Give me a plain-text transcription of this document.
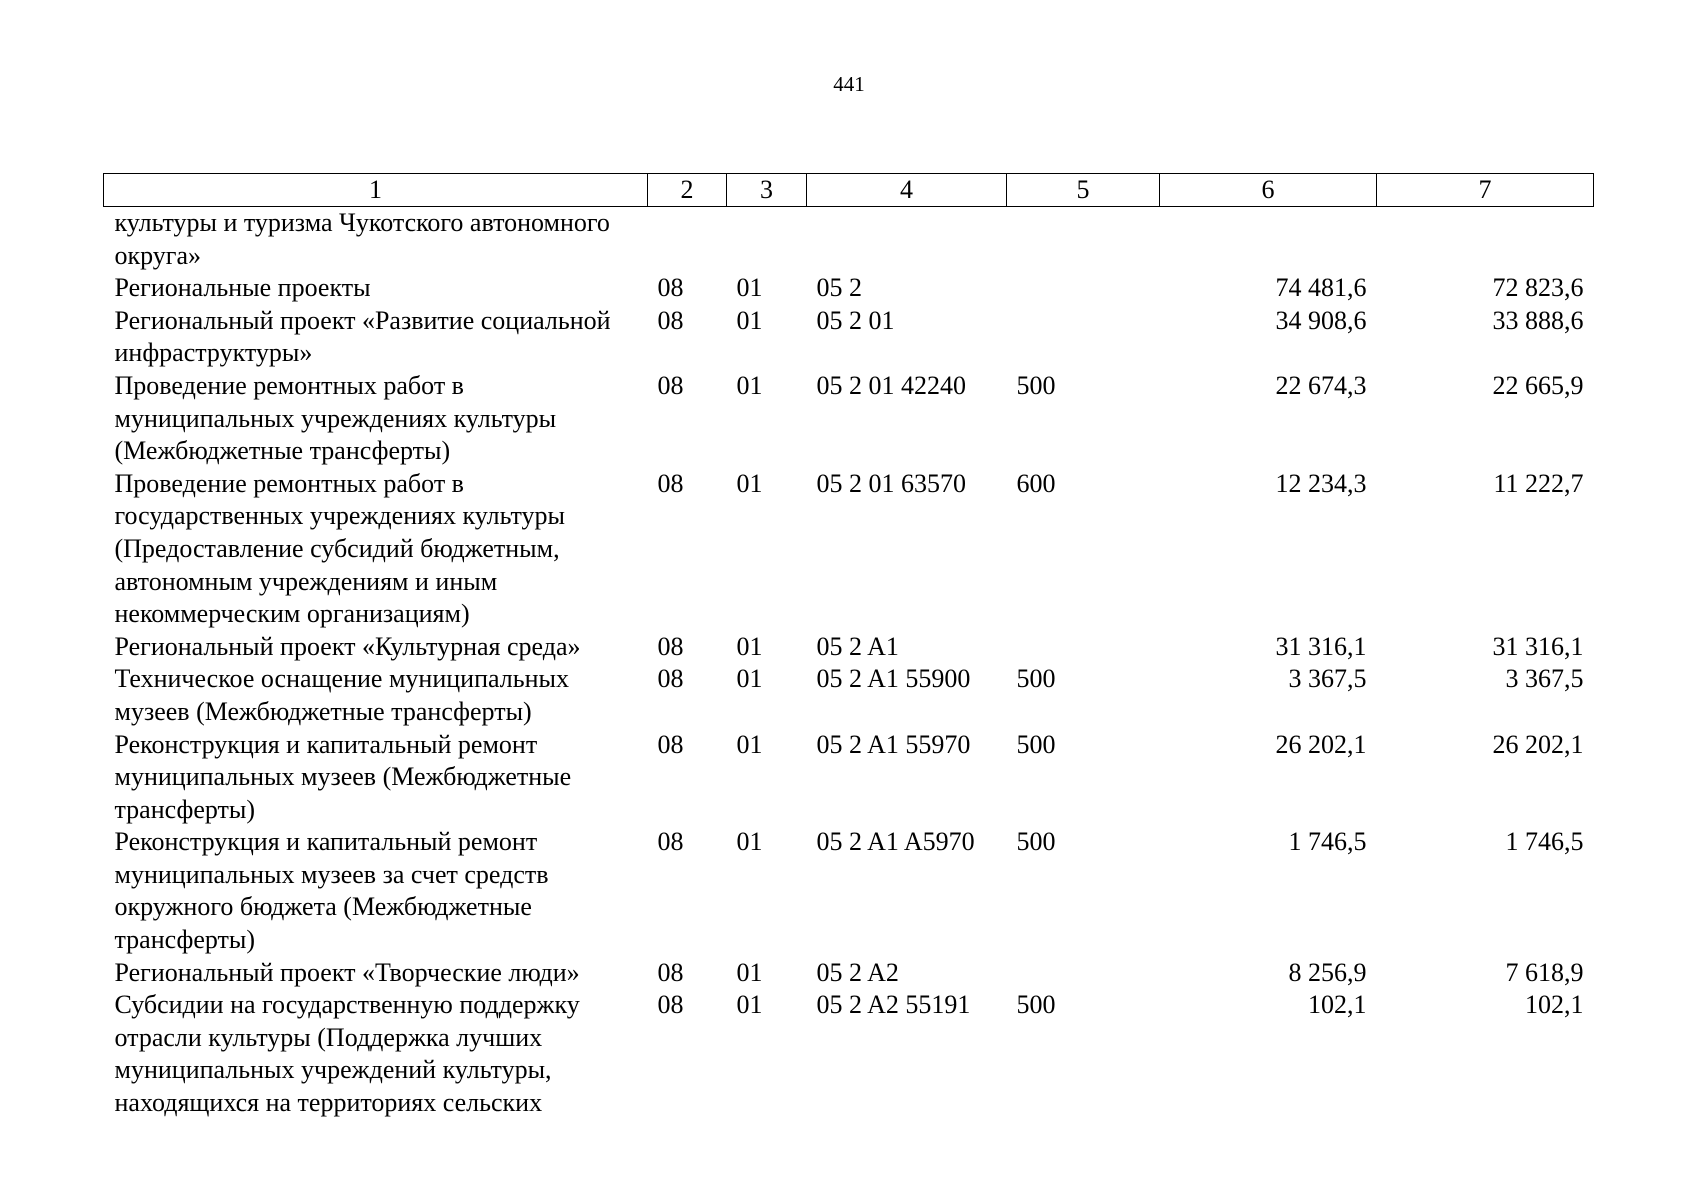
441
1	2	3	4	5	6	7
культуры и туризма Чукотского автономного округа»						
Региональные проекты	08	01	05 2		74 481,6	72 823,6
Региональный проект «Развитие социальной инфраструктуры»	08	01	05 2 01		34 908,6	33 888,6
Проведение ремонтных работ в муниципальных учреждениях культуры (Межбюджетные трансферты)	08	01	05 2 01 42240	500	22 674,3	22 665,9
Проведение ремонтных работ в государственных учреждениях культуры (Предоставление субсидий бюджетным, автономным учреждениям и иным некоммерческим организациям)	08	01	05 2 01 63570	600	12 234,3	11 222,7
Региональный проект «Культурная среда»	08	01	05 2 A1		31 316,1	31 316,1
Техническое оснащение муниципальных музеев (Межбюджетные трансферты)	08	01	05 2 A1 55900	500	3 367,5	3 367,5
Реконструкция и капитальный ремонт муниципальных музеев (Межбюджетные трансферты)	08	01	05 2 A1 55970	500	26 202,1	26 202,1
Реконструкция и капитальный ремонт муниципальных музеев за счет средств окружного бюджета (Межбюджетные трансферты)	08	01	05 2 A1 A5970	500	1 746,5	1 746,5
Региональный проект «Творческие люди»	08	01	05 2 A2		8 256,9	7 618,9
Субсидии на государственную поддержку отрасли культуры (Поддержка лучших муниципальных учреждений культуры, находящихся на территориях сельских	08	01	05 2 A2 55191	500	102,1	102,1
